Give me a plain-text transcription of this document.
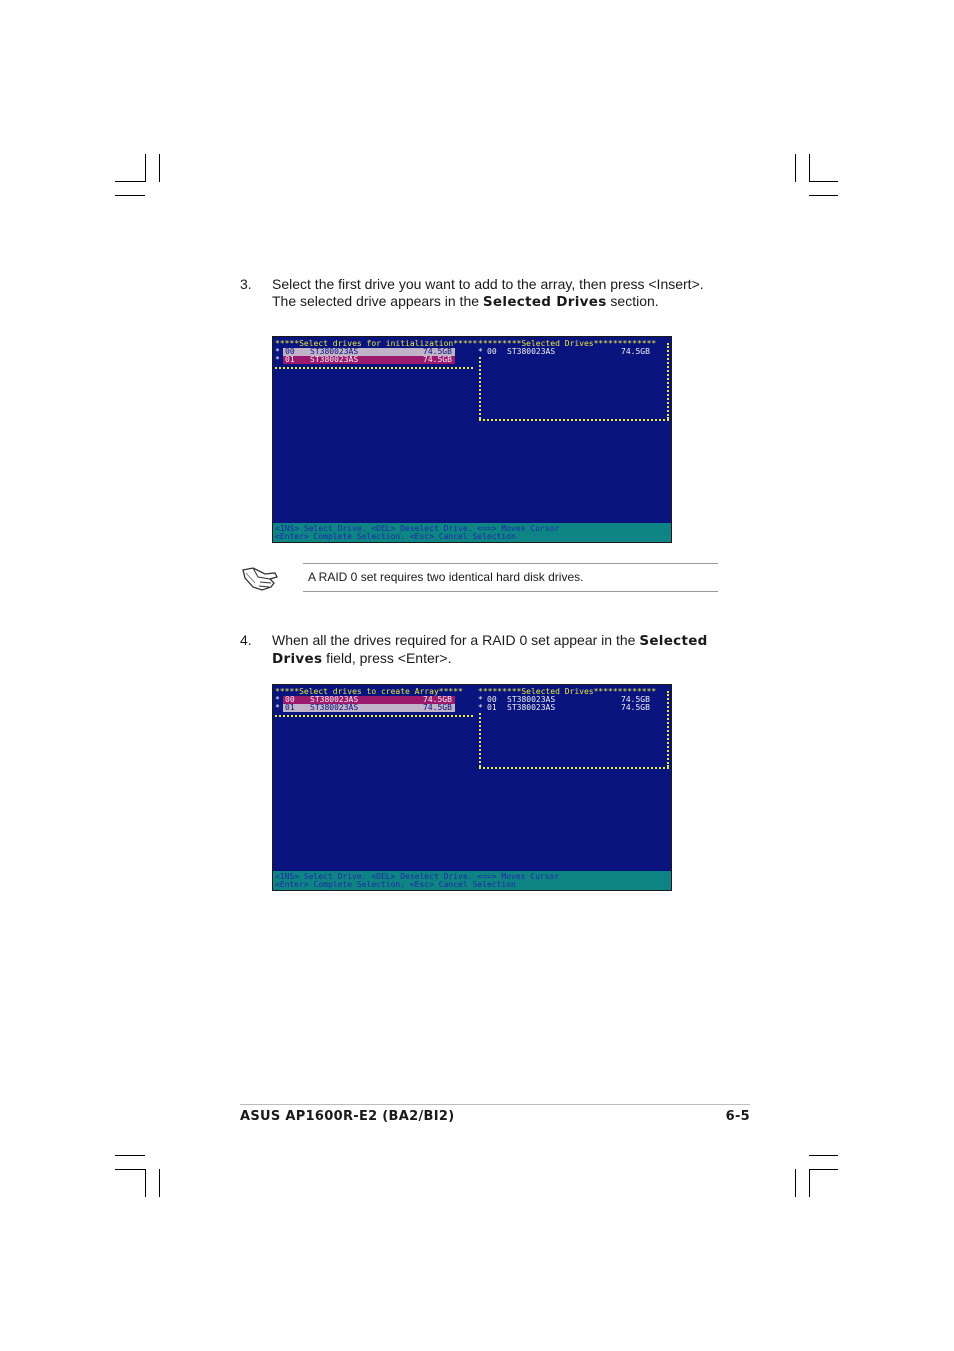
3. Select the first drive you want to add to the array, then press <Insert>. The selected drive appears in the Selected Drives section.
*****Select drives for initialization***** *********Selected Drives*************
* 00 ST380023AS	74.5GB
* 01 ST380023AS	74.5GB
* 00 ST380023AS	74.5GB
<INS> Select Drive. <DEL> Deselect Drive. <==> Moves Cursor
<Enter> Complete Selection. <Esc> Cancel Selection
A RAID 0 set requires two identical hard disk drives.
4. When all the drives required for a RAID 0 set appear in the Selected Drives field, press <Enter>.
*****Select drives to create Array***** *********Selected Drives*************
* 00 ST380023AS	74.5GB
* 01 ST380023AS	74.5GB
* 00 ST380023AS	74.5GB
* 01 ST380023AS	74.5GB
<INS> Select Drive. <DEL> Deselect Drive. <==> Moves Cursor
<Enter> Complete Selection. <Esc> Cancel Selection
ASUS AP1600R-E2 (BA2/BI2)	6-5
